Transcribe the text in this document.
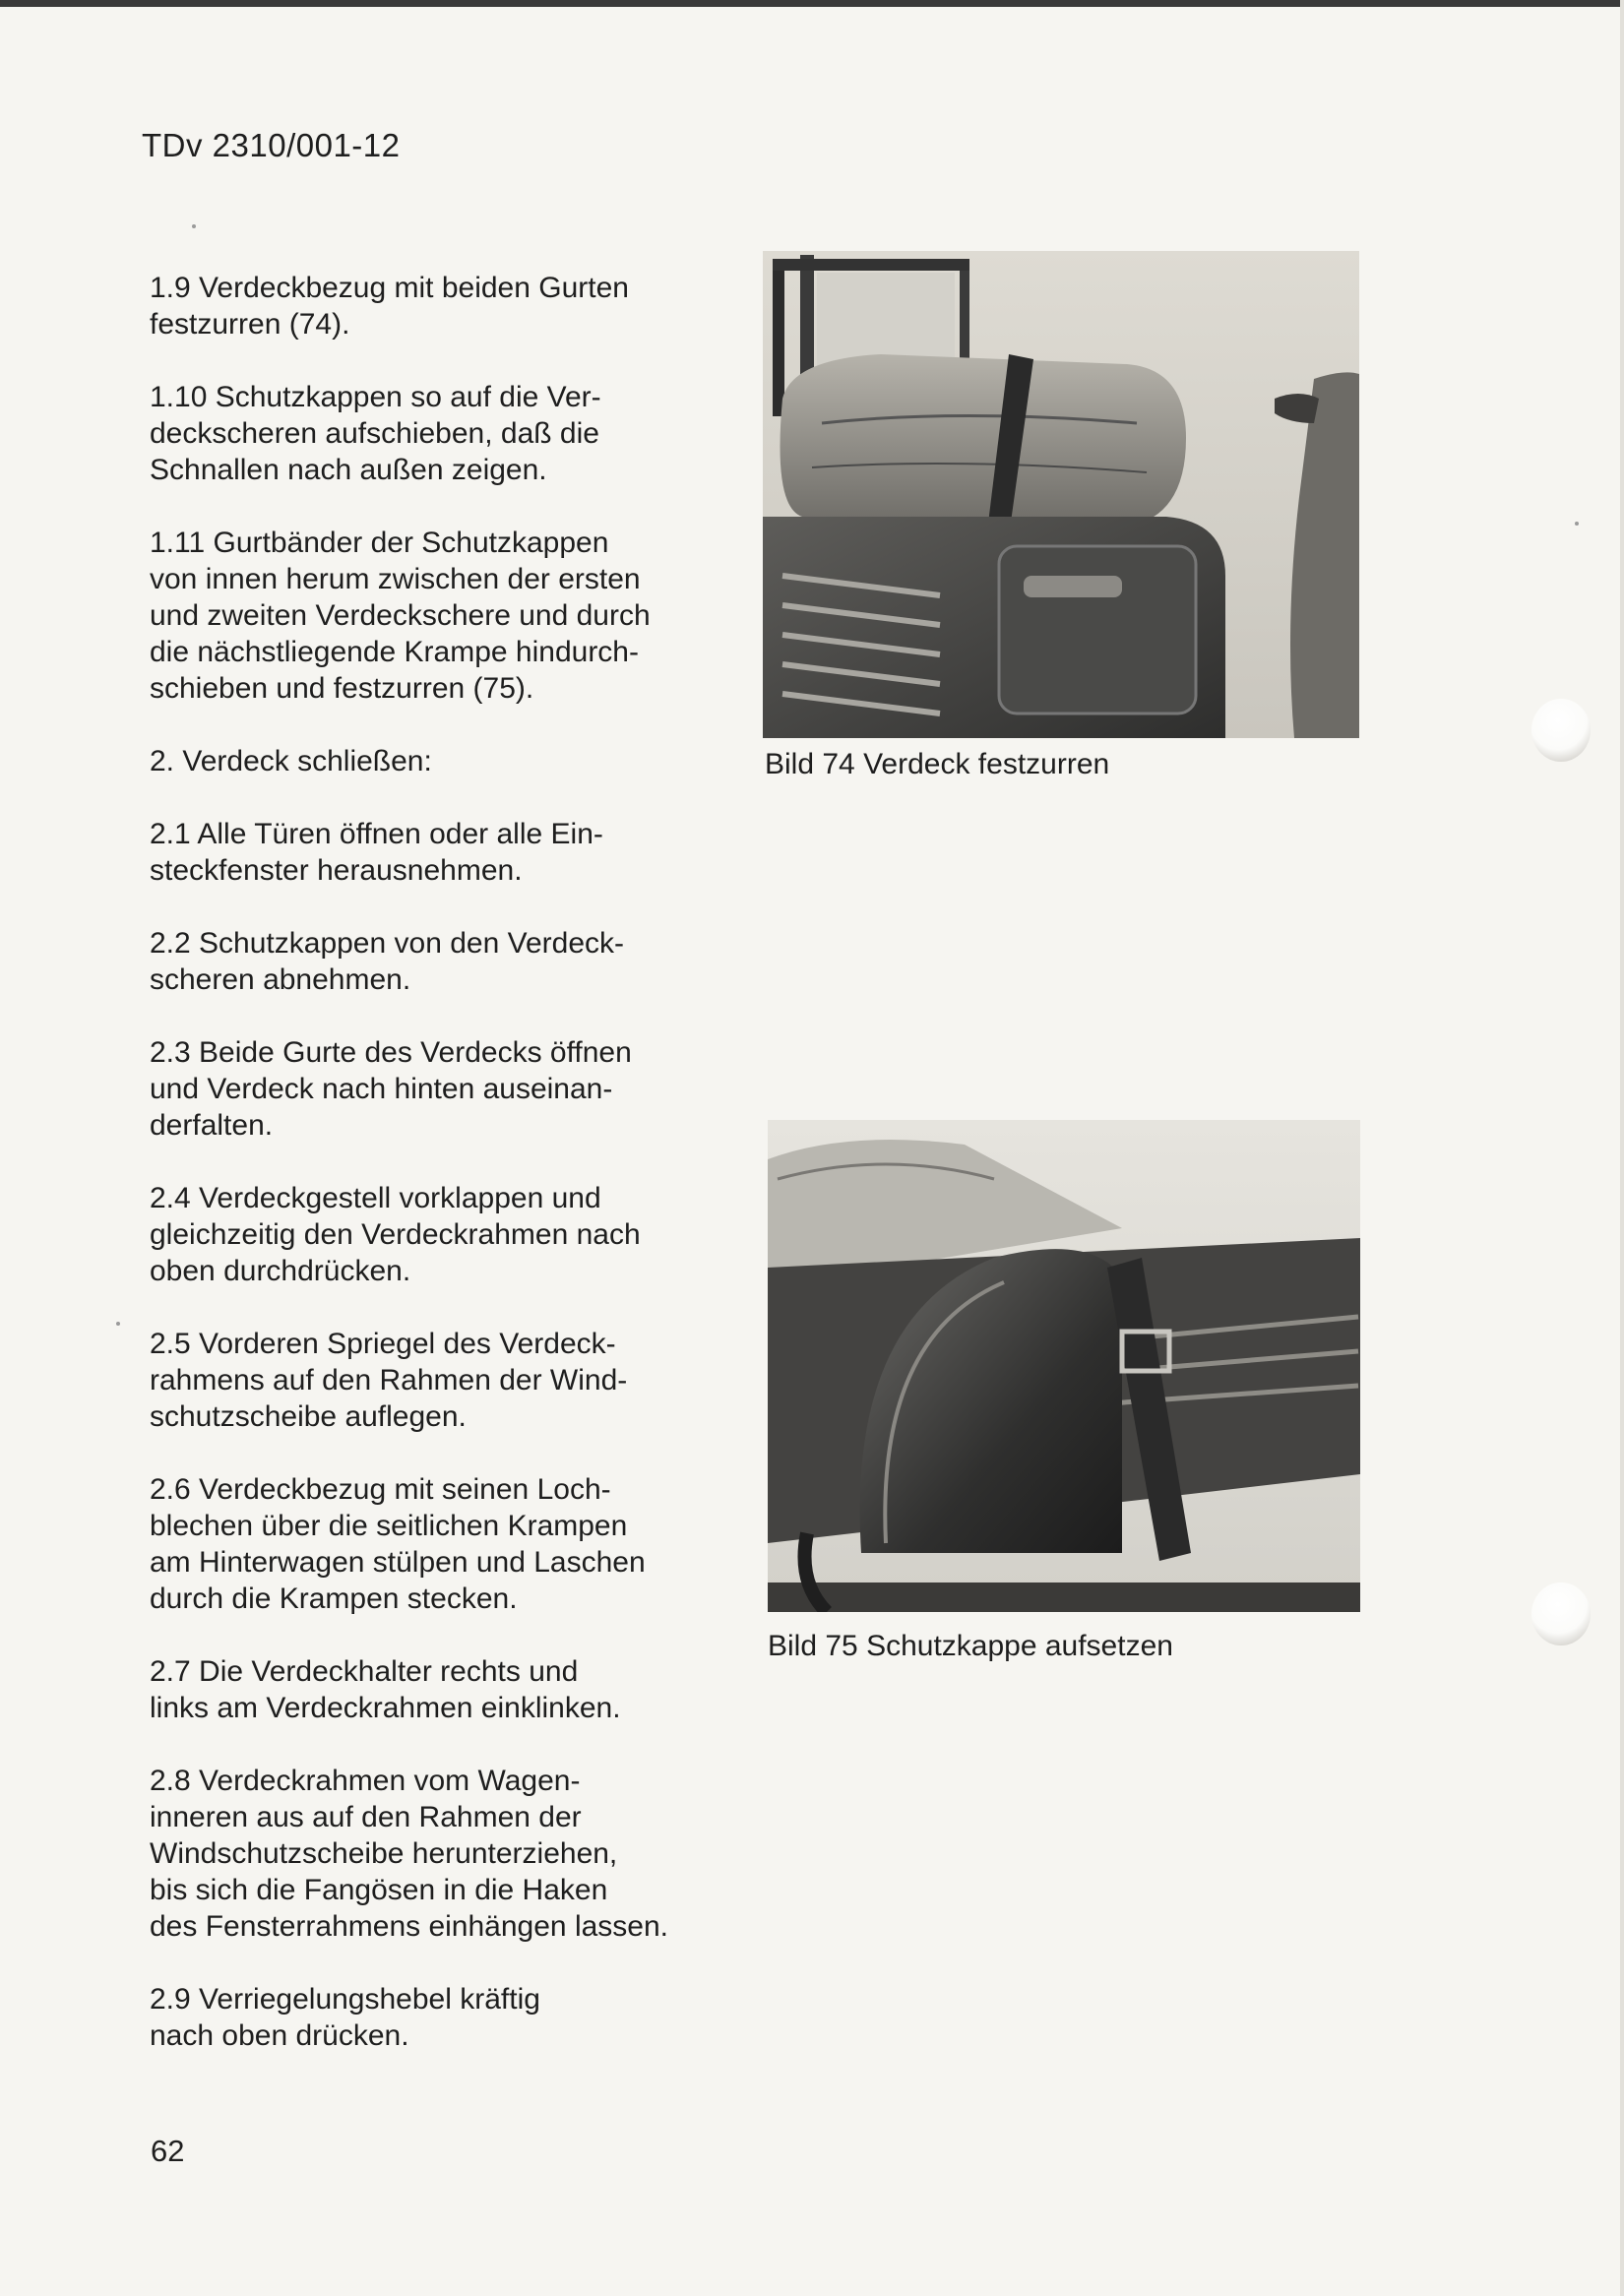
TDv 2310/001-12

1.9 Verdeckbezug mit beiden Gurten
festzurren (74).

1.10 Schutzkappen so auf die Ver-
deckscheren aufschieben, daß die
Schnallen nach außen zeigen.

1.11 Gurtbänder der Schutzkappen
von innen herum zwischen der ersten
und zweiten Verdeckschere und durch
die nächstliegende Krampe hindurch-
schieben und festzurren (75).

2. Verdeck schließen:

2.1 Alle Türen öffnen oder alle Ein-
steckfenster herausnehmen.

2.2 Schutzkappen von den Verdeck-
scheren abnehmen.

2.3 Beide Gurte des Verdecks öffnen
und Verdeck nach hinten auseinan-
derfalten.

2.4 Verdeckgestell vorklappen und
gleichzeitig den Verdeckrahmen nach
oben durchdrücken.

2.5 Vorderen Spriegel des Verdeck-
rahmens auf den Rahmen der Wind-
schutzscheibe auflegen.

2.6 Verdeckbezug mit seinen Loch-
blechen über die seitlichen Krampen
am Hinterwagen stülpen und Laschen
durch die Krampen stecken.

2.7 Die Verdeckhalter rechts und
links am Verdeckrahmen einklinken.

2.8 Verdeckrahmen vom Wagen-
inneren aus auf den Rahmen der
Windschutzscheibe herunterziehen,
bis sich die Fangösen in die Haken
des Fensterrahmens einhängen lassen.

2.9 Verriegelungshebel kräftig
nach oben drücken.

Bild 74 Verdeck festzurren
Bild 75 Schutzkappe aufsetzen
62
